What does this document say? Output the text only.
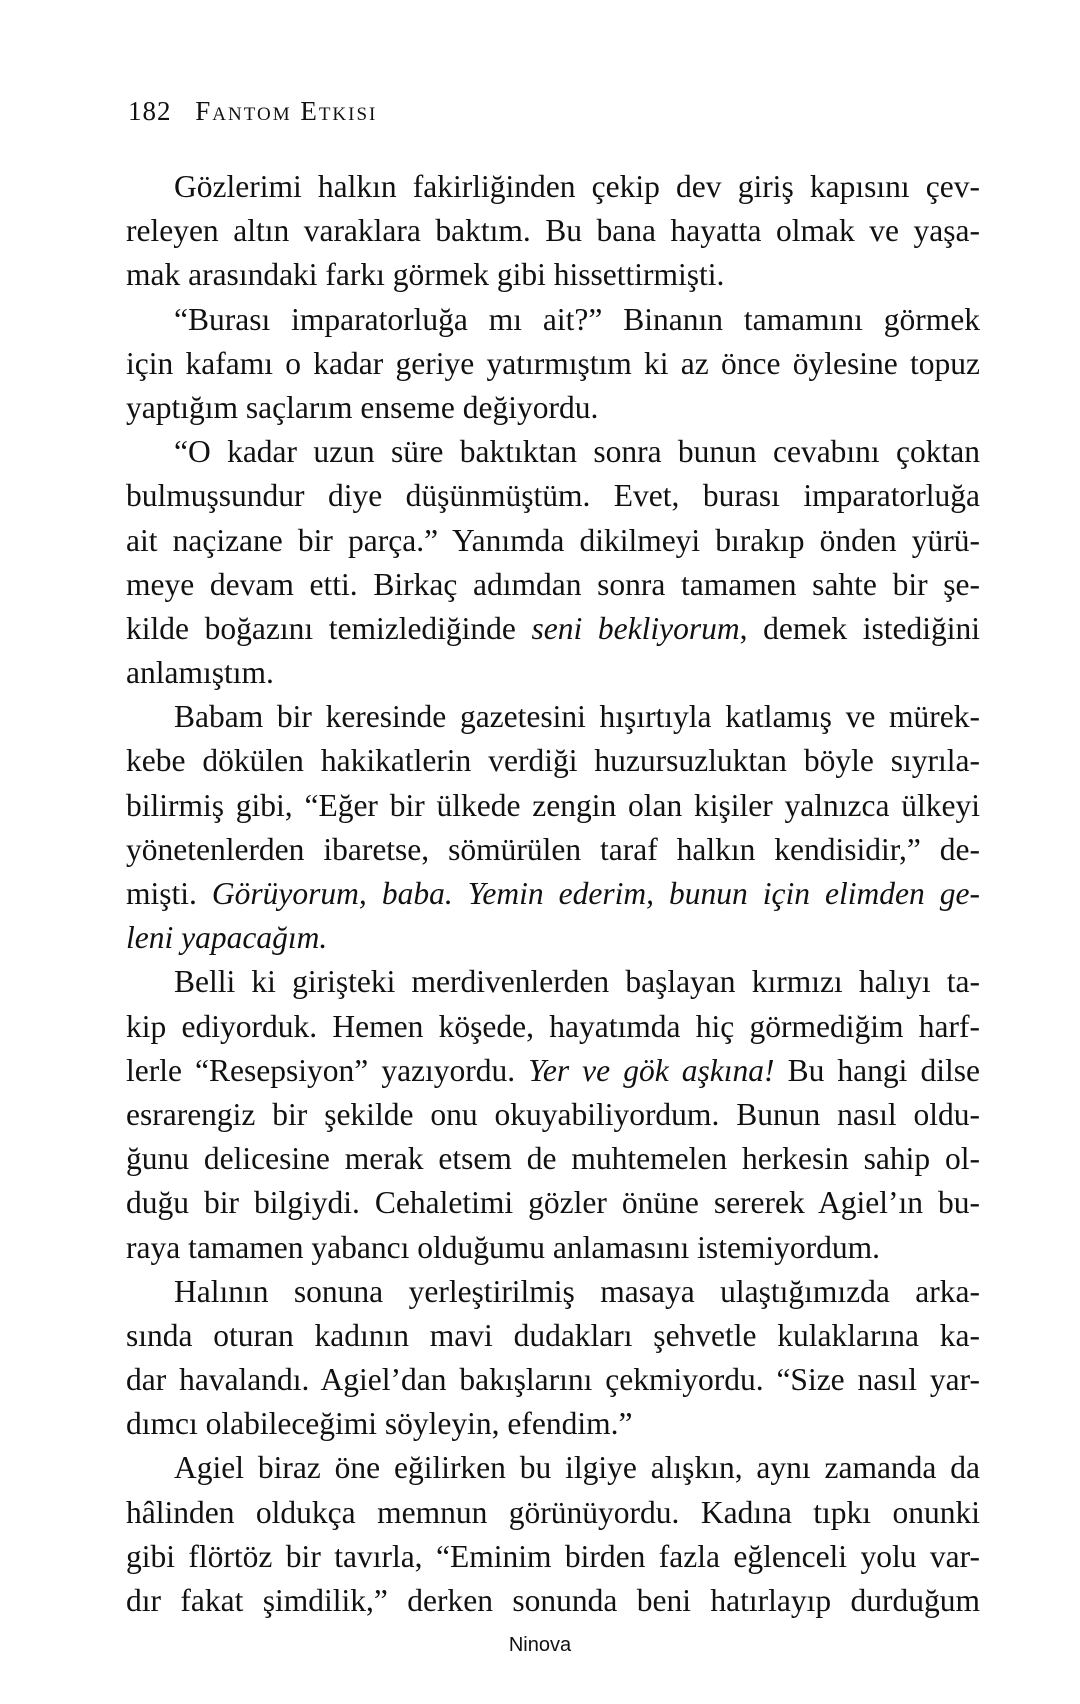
182 Fantom Etkisi
Gözlerimi halkın fakirliğinden çekip dev giriş kapısını çev-
releyen altın varaklara baktım. Bu bana hayatta olmak ve yaşa-
mak arasındaki farkı görmek gibi hissettirmişti.
“Burası imparatorluğa mı ait?” Binanın tamamını görmek
için kafamı o kadar geriye yatırmıştım ki az önce öylesine topuz
yaptığım saçlarım enseme değiyordu.
“O kadar uzun süre baktıktan sonra bunun cevabını çoktan
bulmuşsundur diye düşünmüştüm. Evet, burası imparatorluğa
ait naçizane bir parça.” Yanımda dikilmeyi bırakıp önden yürü-
meye devam etti. Birkaç adımdan sonra tamamen sahte bir şe-
kilde boğazını temizlediğinde seni bekliyorum, demek istediğini
anlamıştım.
Babam bir keresinde gazetesini hışırtıyla katlamış ve mürek-
kebe dökülen hakikatlerin verdiği huzursuzluktan böyle sıyrıla-
bilirmiş gibi, “Eğer bir ülkede zengin olan kişiler yalnızca ülkeyi
yönetenlerden ibaretse, sömürülen taraf halkın kendisidir,” de-
mişti. Görüyorum, baba. Yemin ederim, bunun için elimden ge-
leni yapacağım.
Belli ki girişteki merdivenlerden başlayan kırmızı halıyı ta-
kip ediyorduk. Hemen köşede, hayatımda hiç görmediğim harf-
lerle “Resepsiyon” yazıyordu. Yer ve gök aşkına! Bu hangi dilse
esrarengiz bir şekilde onu okuyabiliyordum. Bunun nasıl oldu-
ğunu delicesine merak etsem de muhtemelen herkesin sahip ol-
duğu bir bilgiydi. Cehaletimi gözler önüne sererek Agiel’ın bu-
raya tamamen yabancı olduğumu anlamasını istemiyordum.
Halının sonuna yerleştirilmiş masaya ulaştığımızda arka-
sında oturan kadının mavi dudakları şehvetle kulaklarına ka-
dar havalandı. Agiel’dan bakışlarını çekmiyordu. “Size nasıl yar-
dımcı olabileceğimi söyleyin, efendim.”
Agiel biraz öne eğilirken bu ilgiye alışkın, aynı zamanda da
hâlinden oldukça memnun görünüyordu. Kadına tıpkı onunki
gibi flörtöz bir tavırla, “Eminim birden fazla eğlenceli yolu var-
dır fakat şimdilik,” derken sonunda beni hatırlayıp durduğum
Ninova
